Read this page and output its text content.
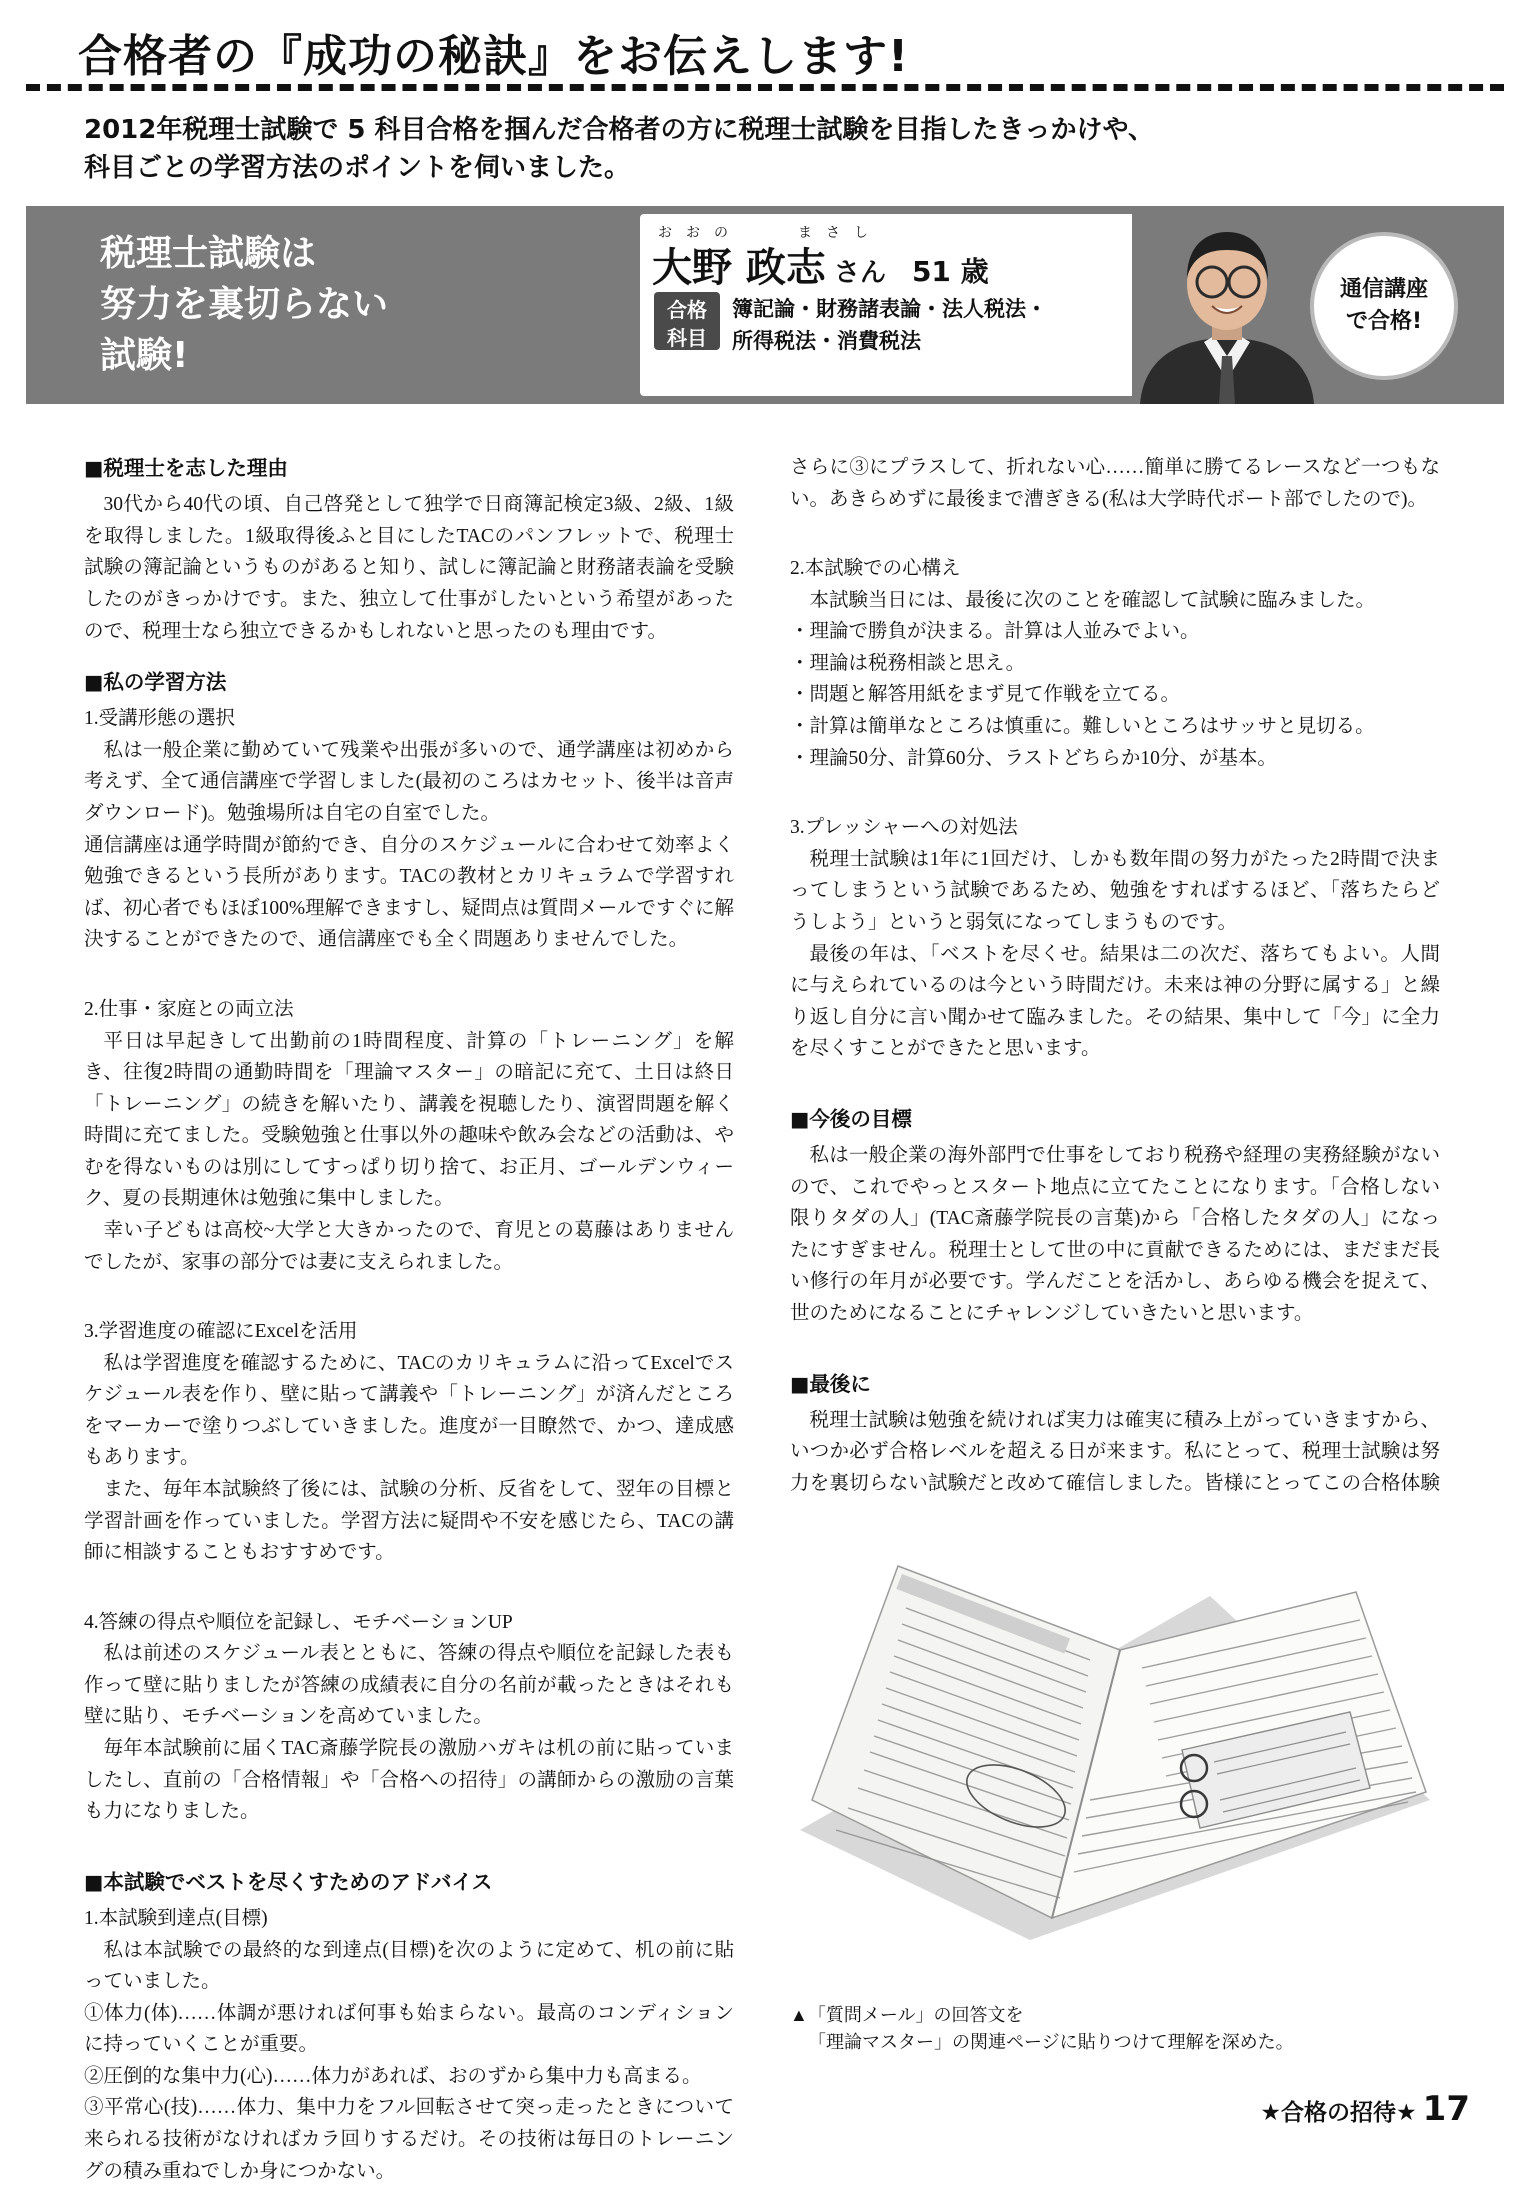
合格者の『成功の秘訣』をお伝えします!
2012年税理士試験で 5 科目合格を掴んだ合格者の方に税理士試験を目指したきっかけや、
科目ごとの学習方法のポイントを伺いました。
税理士試験は
努力を裏切らない
試験!
おおの　　まさし
大野 政志 さん 51 歳
合格
科目
簿記論・財務諸表論・法人税法・
所得税法・消費税法
通信講座
で合格!

■税理士を志した理由

30代から40代の頃、自己啓発として独学で日商簿記検定3級、2級、1級を取得しました。1級取得後ふと目にしたTACのパンフレットで、税理士試験の簿記論というものがあると知り、試しに簿記論と財務諸表論を受験したのがきっかけです。また、独立して仕事がしたいという希望があったので、税理士なら独立できるかもしれないと思ったのも理由です。

■私の学習方法

1.受講形態の選択

私は一般企業に勤めていて残業や出張が多いので、通学講座は初めから考えず、全て通信講座で学習しました(最初のころはカセット、後半は音声ダウンロード)。勉強場所は自宅の自室でした。

通信講座は通学時間が節約でき、自分のスケジュールに合わせて効率よく勉強できるという長所があります。TACの教材とカリキュラムで学習すれば、初心者でもほぼ100%理解できますし、疑問点は質問メールですぐに解決することができたので、通信講座でも全く問題ありませんでした。

2.仕事・家庭との両立法

平日は早起きして出勤前の1時間程度、計算の「トレーニング」を解き、往復2時間の通勤時間を「理論マスター」の暗記に充て、土日は終日「トレーニング」の続きを解いたり、講義を視聴したり、演習問題を解く時間に充てました。受験勉強と仕事以外の趣味や飲み会などの活動は、やむを得ないものは別にしてすっぱり切り捨て、お正月、ゴールデンウィーク、夏の長期連休は勉強に集中しました。

幸い子どもは高校~大学と大きかったので、育児との葛藤はありませんでしたが、家事の部分では妻に支えられました。

3.学習進度の確認にExcelを活用

私は学習進度を確認するために、TACのカリキュラムに沿ってExcelでスケジュール表を作り、壁に貼って講義や「トレーニング」が済んだところをマーカーで塗りつぶしていきました。進度が一目瞭然で、かつ、達成感もあります。

また、毎年本試験終了後には、試験の分析、反省をして、翌年の目標と学習計画を作っていました。学習方法に疑問や不安を感じたら、TACの講師に相談することもおすすめです。

4.答練の得点や順位を記録し、モチベーションUP

私は前述のスケジュール表とともに、答練の得点や順位を記録した表も作って壁に貼りましたが答練の成績表に自分の名前が載ったときはそれも壁に貼り、モチベーションを高めていました。

毎年本試験前に届くTAC斎藤学院長の激励ハガキは机の前に貼っていましたし、直前の「合格情報」や「合格への招待」の講師からの激励の言葉も力になりました。

■本試験でベストを尽くすためのアドバイス

1.本試験到達点(目標)

私は本試験での最終的な到達点(目標)を次のように定めて、机の前に貼っていました。

①体力(体)……体調が悪ければ何事も始まらない。最高のコンディションに持っていくことが重要。

②圧倒的な集中力(心)……体力があれば、おのずから集中力も高まる。

③平常心(技)……体力、集中力をフル回転させて突っ走ったときについて来られる技術がなければカラ回りするだけ。その技術は毎日のトレーニングの積み重ねでしか身につかない。

さらに③にプラスして、折れない心……簡単に勝てるレースなど一つもない。あきらめずに最後まで漕ぎきる(私は大学時代ボート部でしたので)。

2.本試験での心構え

本試験当日には、最後に次のことを確認して試験に臨みました。

・理論で勝負が決まる。計算は人並みでよい。

・理論は税務相談と思え。

・問題と解答用紙をまず見て作戦を立てる。

・計算は簡単なところは慎重に。難しいところはサッサと見切る。

・理論50分、計算60分、ラストどちらか10分、が基本。

3.プレッシャーへの対処法

税理士試験は1年に1回だけ、しかも数年間の努力がたった2時間で決まってしまうという試験であるため、勉強をすればするほど、「落ちたらどうしよう」というと弱気になってしまうものです。

最後の年は、「ベストを尽くせ。結果は二の次だ、落ちてもよい。人間に与えられているのは今という時間だけ。未来は神の分野に属する」と繰り返し自分に言い聞かせて臨みました。その結果、集中して「今」に全力を尽くすことができたと思います。

■今後の目標

私は一般企業の海外部門で仕事をしており税務や経理の実務経験がないので、これでやっとスタート地点に立てたことになります。「合格しない限りタダの人」(TAC斎藤学院長の言葉)から「合格したタダの人」になったにすぎません。税理士として世の中に貢献できるためには、まだまだ長い修行の年月が必要です。学んだことを活かし、あらゆる機会を捉えて、世のためになることにチャレンジしていきたいと思います。

■最後に

税理士試験は勉強を続ければ実力は確実に積み上がっていきますから、いつか必ず合格レベルを超える日が来ます。私にとって、税理士試験は努力を裏切らない試験だと改めて確信しました。皆様にとってこの合格体験

▲「質問メール」の回答文を
「理論マスター」の関連ページに貼りつけて理解を深めた。
★合格の招待★ 17
